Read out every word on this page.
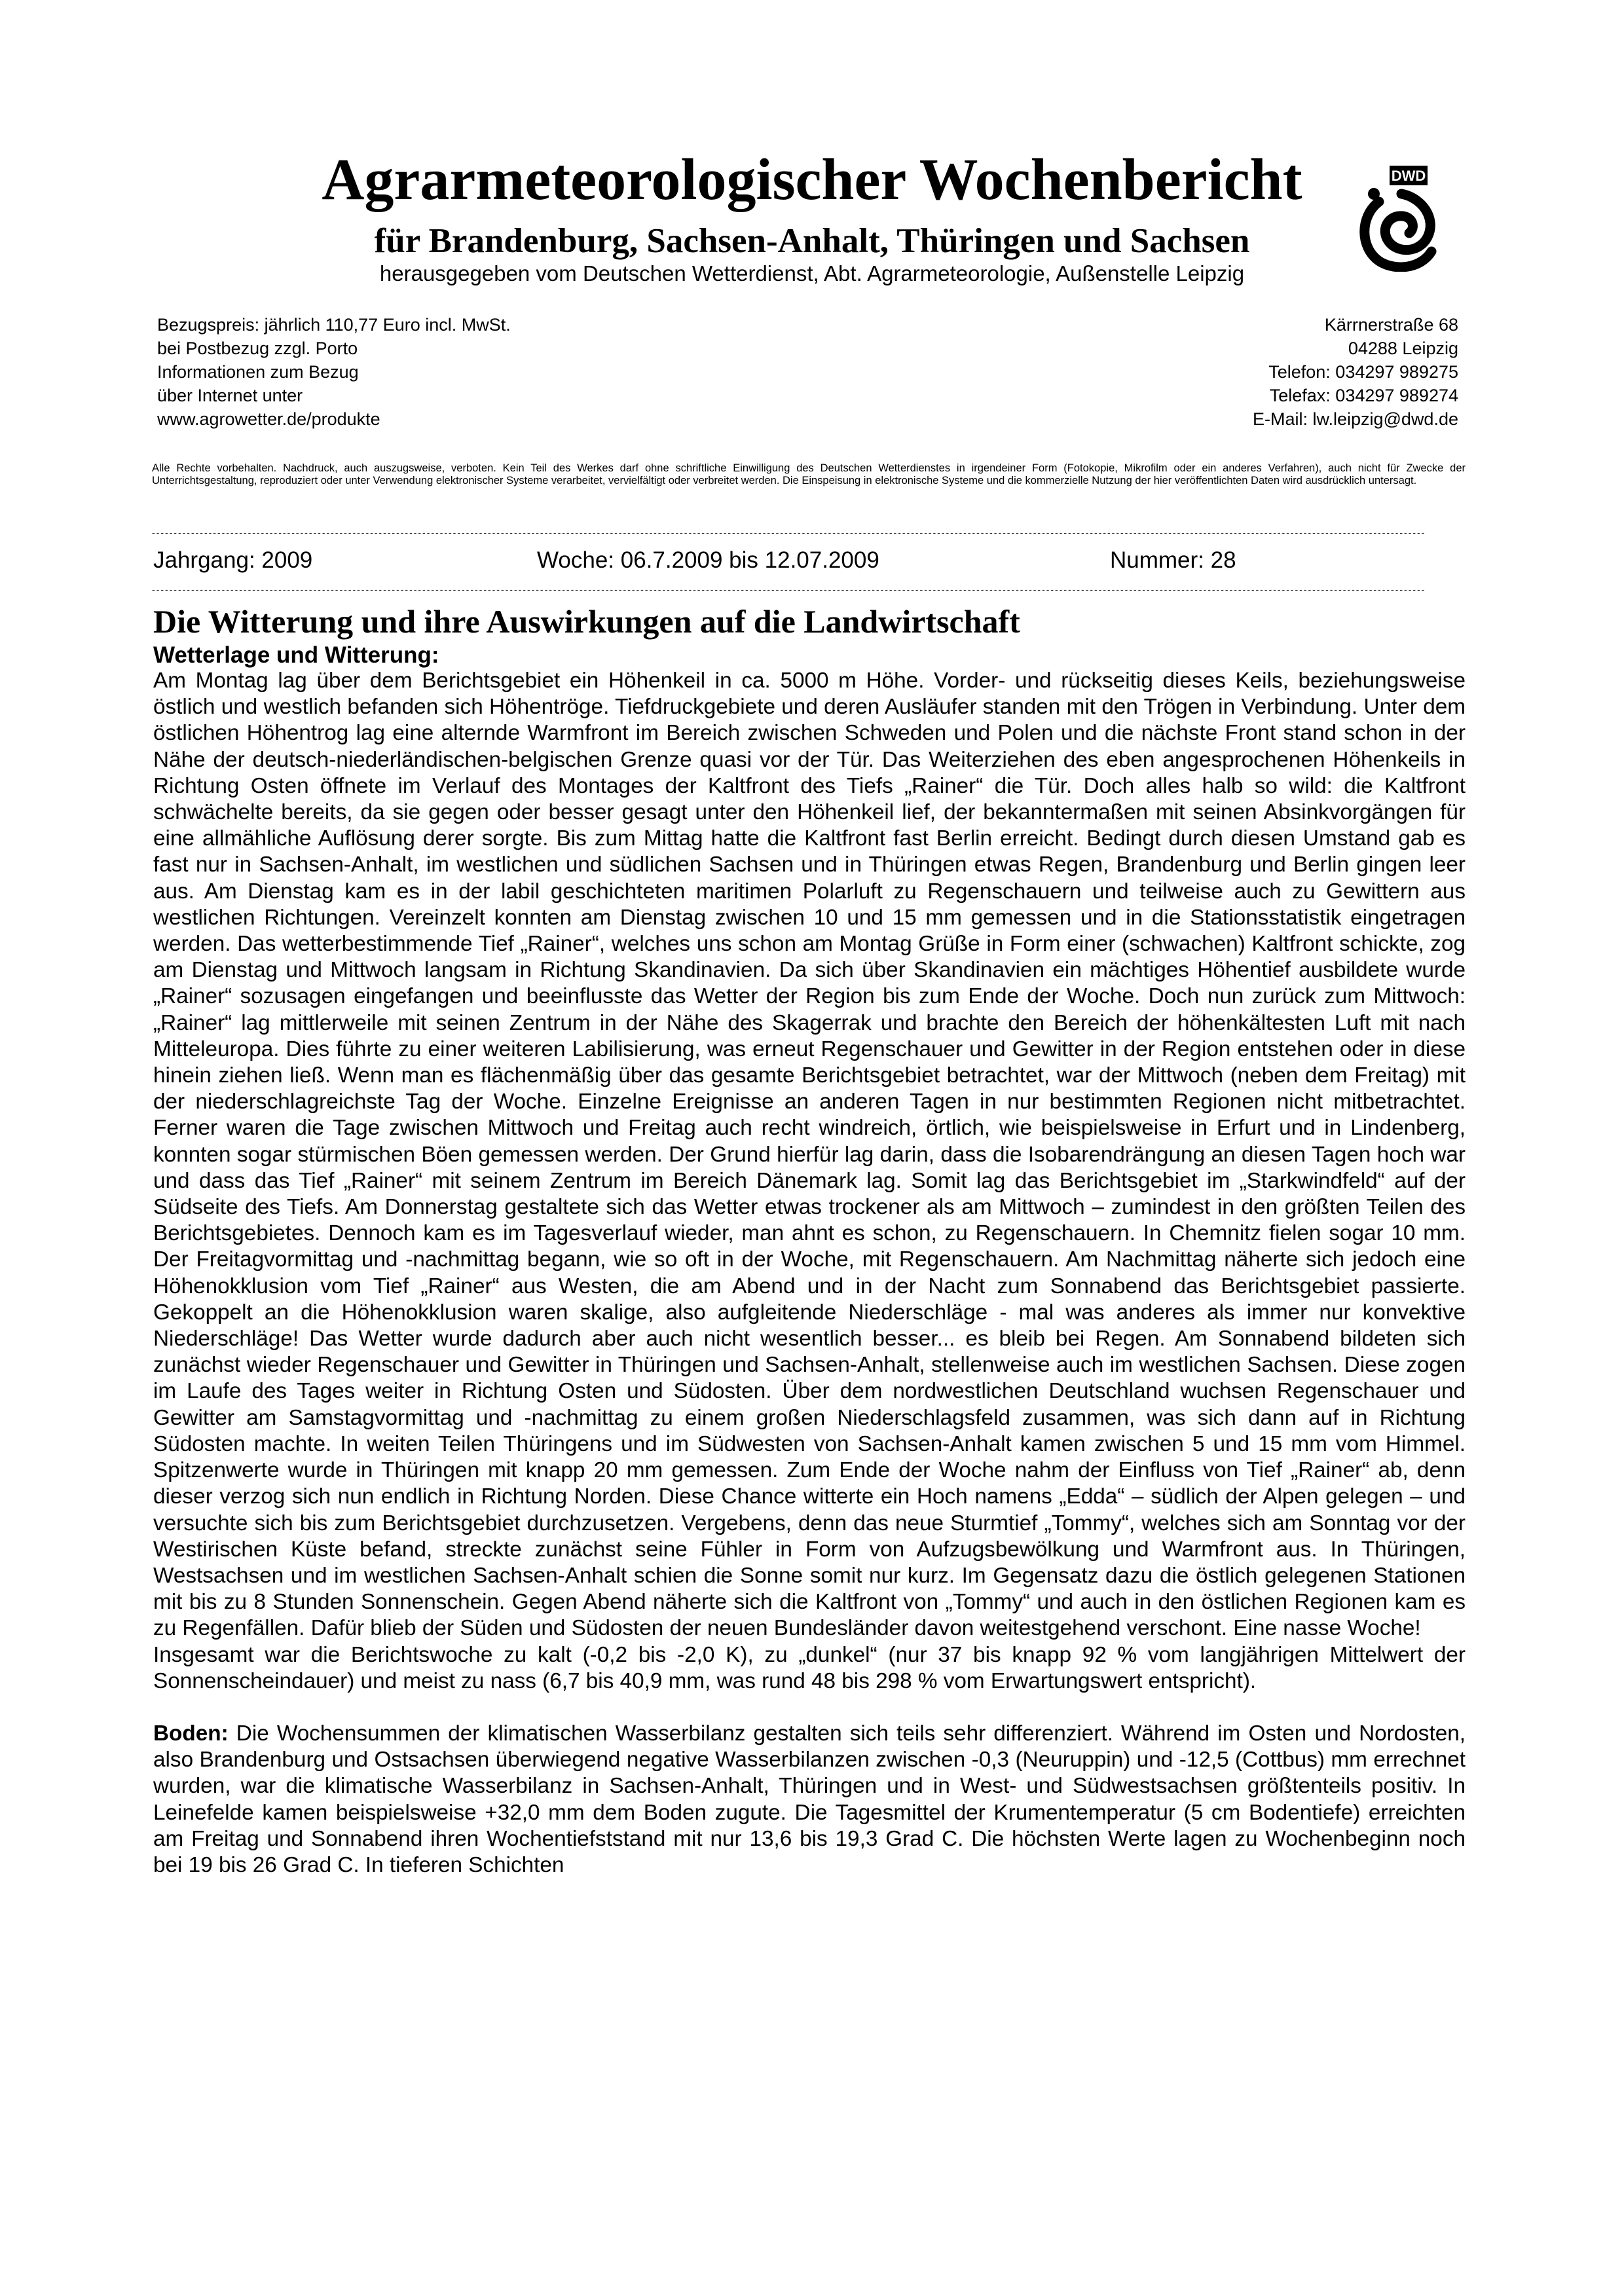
Agrarmeteorologischer Wochenbericht
für Brandenburg, Sachsen-Anhalt, Thüringen und Sachsen
herausgegeben vom Deutschen Wetterdienst, Abt. Agrarmeteorologie, Außenstelle Leipzig
DWD
Bezugspreis: jährlich 110,77 Euro incl. MwSt.
bei Postbezug zzgl. Porto
Informationen zum Bezug
über Internet unter
www.agrowetter.de/produkte
Kärrnerstraße 68
04288 Leipzig
Telefon: 034297 989275
Telefax: 034297 989274
E-Mail: lw.leipzig@dwd.de
Alle Rechte vorbehalten. Nachdruck, auch auszugsweise, verboten. Kein Teil des Werkes darf ohne schriftliche Einwilligung des Deutschen Wetterdienstes in irgendeiner Form (Fotokopie, Mikrofilm oder ein anderes Verfahren), auch nicht für Zwecke der Unterrichtsgestaltung, reproduziert oder unter Verwendung elektronischer Systeme verarbeitet, vervielfältigt oder verbreitet werden. Die Einspeisung in elektronische Systeme und die kommerzielle Nutzung der hier veröffentlichten Daten wird ausdrücklich untersagt.
----------------------------------------------------------------------------------------------------------------------------------------------------------------------------------------------------------------------------------------------------------------------------------------------------
Jahrgang: 2009	Woche: 06.7.2009 bis 12.07.2009	Nummer: 28
----------------------------------------------------------------------------------------------------------------------------------------------------------------------------------------------------------------------------------------------------------------------------------------------------
Die Witterung und ihre Auswirkungen auf die Landwirtschaft
Wetterlage und Witterung:

Am Montag lag über dem Berichtsgebiet ein Höhenkeil in ca. 5000 m Höhe. Vorder- und rückseitig dieses Keils, beziehungsweise östlich und westlich befanden sich Höhentröge. Tiefdruckgebiete und deren Ausläufer standen mit den Trögen in Verbindung. Unter dem östlichen Höhentrog lag eine alternde Warmfront im Bereich zwischen Schweden und Polen und die nächste Front stand schon in der Nähe der deutsch-niederländischen-belgischen Grenze quasi vor der Tür. Das Weiterziehen des eben angesprochenen Höhenkeils in Richtung Osten öffnete im Verlauf des Montages der Kaltfront des Tiefs „Rainer“ die Tür. Doch alles halb so wild: die Kaltfront schwächelte bereits, da sie gegen oder besser gesagt unter den Höhenkeil lief, der bekanntermaßen mit seinen Absinkvorgängen für eine allmähliche Auflösung derer sorgte. Bis zum Mittag hatte die Kaltfront fast Berlin erreicht. Bedingt durch diesen Umstand gab es fast nur in Sachsen-Anhalt, im westlichen und südlichen Sachsen und in Thüringen etwas Regen, Brandenburg und Berlin gingen leer aus. Am Dienstag kam es in der labil geschichteten maritimen Polarluft zu Regenschauern und teilweise auch zu Gewittern aus westlichen Richtungen. Vereinzelt konnten am Dienstag zwischen 10 und 15 mm gemessen und in die Stationsstatistik eingetragen werden. Das wetterbestimmende Tief „Rainer“, welches uns schon am Montag Grüße in Form einer (schwachen) Kaltfront schickte, zog am Dienstag und Mittwoch langsam in Richtung Skandinavien. Da sich über Skandinavien ein mächtiges Höhentief ausbildete wurde „Rainer“ sozusagen eingefangen und beeinflusste das Wetter der Region bis zum Ende der Woche. Doch nun zurück zum Mittwoch: „Rainer“ lag mittlerweile mit seinen Zentrum in der Nähe des Skagerrak und brachte den Bereich der höhenkältesten Luft mit nach Mitteleuropa. Dies führte zu einer weiteren Labilisierung, was erneut Regenschauer und Gewitter in der Region entstehen oder in diese hinein ziehen ließ. Wenn man es flächenmäßig über das gesamte Berichtsgebiet betrachtet, war der Mittwoch (neben dem Freitag) mit der niederschlagreichste Tag der Woche. Einzelne Ereignisse an anderen Tagen in nur bestimmten Regionen nicht mitbetrachtet. Ferner waren die Tage zwischen Mittwoch und Freitag auch recht windreich, örtlich, wie beispielsweise in Erfurt und in Lindenberg, konnten sogar stürmischen Böen gemessen werden. Der Grund hierfür lag darin, dass die Isobarendrängung an diesen Tagen hoch war und dass das Tief „Rainer“ mit seinem Zentrum im Bereich Dänemark lag. Somit lag das Berichtsgebiet im „Starkwindfeld“ auf der Südseite des Tiefs. Am Donnerstag gestaltete sich das Wetter etwas trockener als am Mittwoch – zumindest in den größten Teilen des Berichtsgebietes. Dennoch kam es im Tagesverlauf wieder, man ahnt es schon, zu Regenschauern. In Chemnitz fielen sogar 10 mm. Der Freitagvormittag und -nachmittag begann, wie so oft in der Woche, mit Regenschauern. Am Nachmittag näherte sich jedoch eine Höhenokklusion vom Tief „Rainer“ aus Westen, die am Abend und in der Nacht zum Sonnabend das Berichtsgebiet passierte. Gekoppelt an die Höhenokklusion waren skalige, also aufgleitende Niederschläge - mal was anderes als immer nur konvektive Niederschläge! Das Wetter wurde dadurch aber auch nicht wesentlich besser... es bleib bei Regen. Am Sonnabend bildeten sich zunächst wieder Regenschauer und Gewitter in Thüringen und Sachsen-Anhalt, stellenweise auch im westlichen Sachsen. Diese zogen im Laufe des Tages weiter in Richtung Osten und Südosten. Über dem nordwestlichen Deutschland wuchsen Regenschauer und Gewitter am Samstagvormittag und -nachmittag zu einem großen Niederschlagsfeld zusammen, was sich dann auf in Richtung Südosten machte. In weiten Teilen Thüringens und im Südwesten von Sachsen-Anhalt kamen zwischen 5 und 15 mm vom Himmel. Spitzenwerte wurde in Thüringen mit knapp 20 mm gemessen. Zum Ende der Woche nahm der Einfluss von Tief „Rainer“ ab, denn dieser verzog sich nun endlich in Richtung Norden. Diese Chance witterte ein Hoch namens „Edda“ – südlich der Alpen gelegen – und versuchte sich bis zum Berichtsgebiet durchzusetzen. Vergebens, denn das neue Sturmtief „Tommy“, welches sich am Sonntag vor der Westirischen Küste befand, streckte zunächst seine Fühler in Form von Aufzugsbewölkung und Warmfront aus. In Thüringen, Westsachsen und im westlichen Sachsen-Anhalt schien die Sonne somit nur kurz. Im Gegensatz dazu die östlich gelegenen Stationen mit bis zu 8 Stunden Sonnenschein. Gegen Abend näherte sich die Kaltfront von „Tommy“ und auch in den östlichen Regionen kam es zu Regenfällen. Dafür blieb der Süden und Südosten der neuen Bundesländer davon weitestgehend verschont. Eine nasse Woche!

Insgesamt war die Berichtswoche zu kalt (-0,2 bis -2,0 K), zu „dunkel“ (nur 37 bis knapp 92 % vom langjährigen Mittelwert der Sonnenscheindauer) und meist zu nass (6,7 bis 40,9 mm, was rund 48 bis 298 % vom Erwartungswert entspricht).

Boden: Die Wochensummen der klimatischen Wasserbilanz gestalten sich teils sehr differenziert. Während im Osten und Nordosten, also Brandenburg und Ostsachsen überwiegend negative Wasserbilanzen zwischen -0,3 (Neuruppin) und -12,5 (Cottbus) mm errechnet wurden, war die klimatische Wasserbilanz in Sachsen-Anhalt, Thüringen und in West- und Südwestsachsen größtenteils positiv. In Leinefelde kamen beispielsweise +32,0 mm dem Boden zugute. Die Tagesmittel der Krumentemperatur (5 cm Bodentiefe) erreichten am Freitag und Sonnabend ihren Wochentiefststand mit nur 13,6 bis 19,3 Grad C. Die höchsten Werte lagen zu Wochenbeginn noch bei 19 bis 26 Grad C. In tieferen Schichten
